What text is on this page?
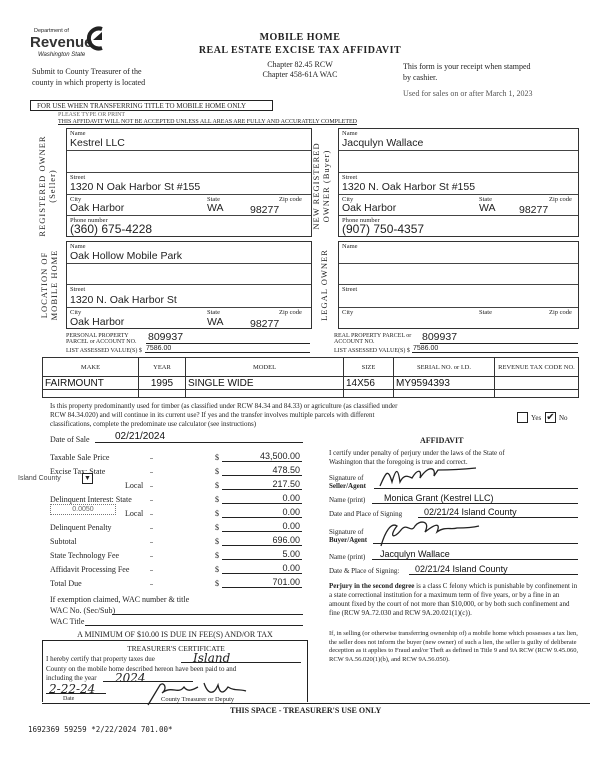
Department of
Revenue
Washington State
MOBILE HOME
REAL ESTATE EXCISE TAX AFFIDAVIT
Chapter 82.45 RCW
Chapter 458-61A WAC
Submit to County Treasurer of the
county in which property is located
This form is your receipt when stamped
by cashier.
Used for sales on or after March 1, 2023
FOR USE WHEN TRANSFERRING TITLE TO MOBILE HOME ONLY
PLEASE TYPE OR PRINT
THIS AFFIDAVIT WILL NOT BE ACCEPTED UNLESS ALL AREAS ARE FULLY AND ACCURATELY COMPLETED
REGISTERED OWNER (Seller)
Name
Kestrel LLC
Street
1320 N Oak Harbor St #155
City
Oak Harbor
State
WA	98277
Zip code
Phone number
(360) 675-4228	NEW REGISTERED OWNER (Buyer)
Name
Jacqulyn Wallace
Street
1320 N. Oak Harbor St #155
City
Oak Harbor
State
WA 98277
Zip code
Phone number
(907) 750-4357
LOCATION OF MOBILE HOME
Name
Oak Hollow Mobile Park
Street
1320 N. Oak Harbor St
City
Oak Harbor
State
WA	98277
Zip code LEGAL OWNER
Name
Street
City	State	Zip code
PERSONAL PROPERTY PARCEL or ACCOUNT NO.	809937
LIST ASSESSED VALUE(S) $ 7586.00
REAL PROPERTY PARCEL or ACCOUNT NO.	809937
LIST ASSESSED VALUE(S) $ 7586.00
MAKE	YEAR	MODEL	SIZE	SERIAL NO. or I.D.	REVENUE TAX CODE NO.
FAIRMOUNT	1995	SINGLE WIDE	14X56	MY9594393	

Is this property predominantly used for timber (as classified under RCW 84.34 and 84.33) or agriculture (as classified under
RCW 84.34.020) and will continue in its current use? If yes and the transfer involves multiple parcels with different
classifications, complete the predominate use calculator (see instructions)
Yes ✔ No
Date of Sale	02/21/2024
Taxable Sale Price	$	43,500.00
Excise Tax: State	$	478.50
Local	$	217.50
Delinquent Interest: State	$	0.00
Local	$	0.00
Delinquent Penalty	$	0.00
Subtotal	$	696.00
State Technology Fee	$	5.00
Affidavit Processing Fee	$	0.00
Total Due	$	701.00
Island County	▼
0.0050
If exemption claimed, WAC number & title
WAC No. (Sec/Sub)
WAC Title
A MINIMUM OF $10.00 IS DUE IN FEE(S) AND/OR TAX
TREASURER'S CERTIFICATE
I hereby certify that property taxes due	Island
County on the mobile home described hereon have been paid to and
including the year 2024
2-22-24
Date	County Treasurer or Deputy
THIS SPACE - TREASURER'S USE ONLY
1692369 59259 *2/22/2024 701.00*
AFFIDAVIT
I certify under penalty of perjury under the laws of the State of
Washington that the foregoing is true and correct.
Signature of
Seller/Agent
Name (print) Monica Grant (Kestrel LLC)
Date and Place of Signing 02/21/24 Island County
Signature of
Buyer/Agent
Name (print) Jacqulyn Wallace
Date & Place of Signing: 02/21/24 Island County
Perjury in the second degree is a class C felony which is punishable by confinement in a state correctional institution for a maximum term of five years, or by a fine in an amount fixed by the court of not more than $10,000, or by both such confinement and fine (RCW 9A.72.030 and RCW 9A.20.021(1)(c)).
If, in selling (or otherwise transferring ownership of) a mobile home which possesses a tax lien, the seller does not inform the buyer (new owner) of such a lien, the seller is guilty of deliberate deception as it applies to Fraud and/or Theft as defined in Title 9 and 9A RCW (RCW 9.45.060, RCW 9A.56.020(1)(b), and RCW 9A.56.050).
